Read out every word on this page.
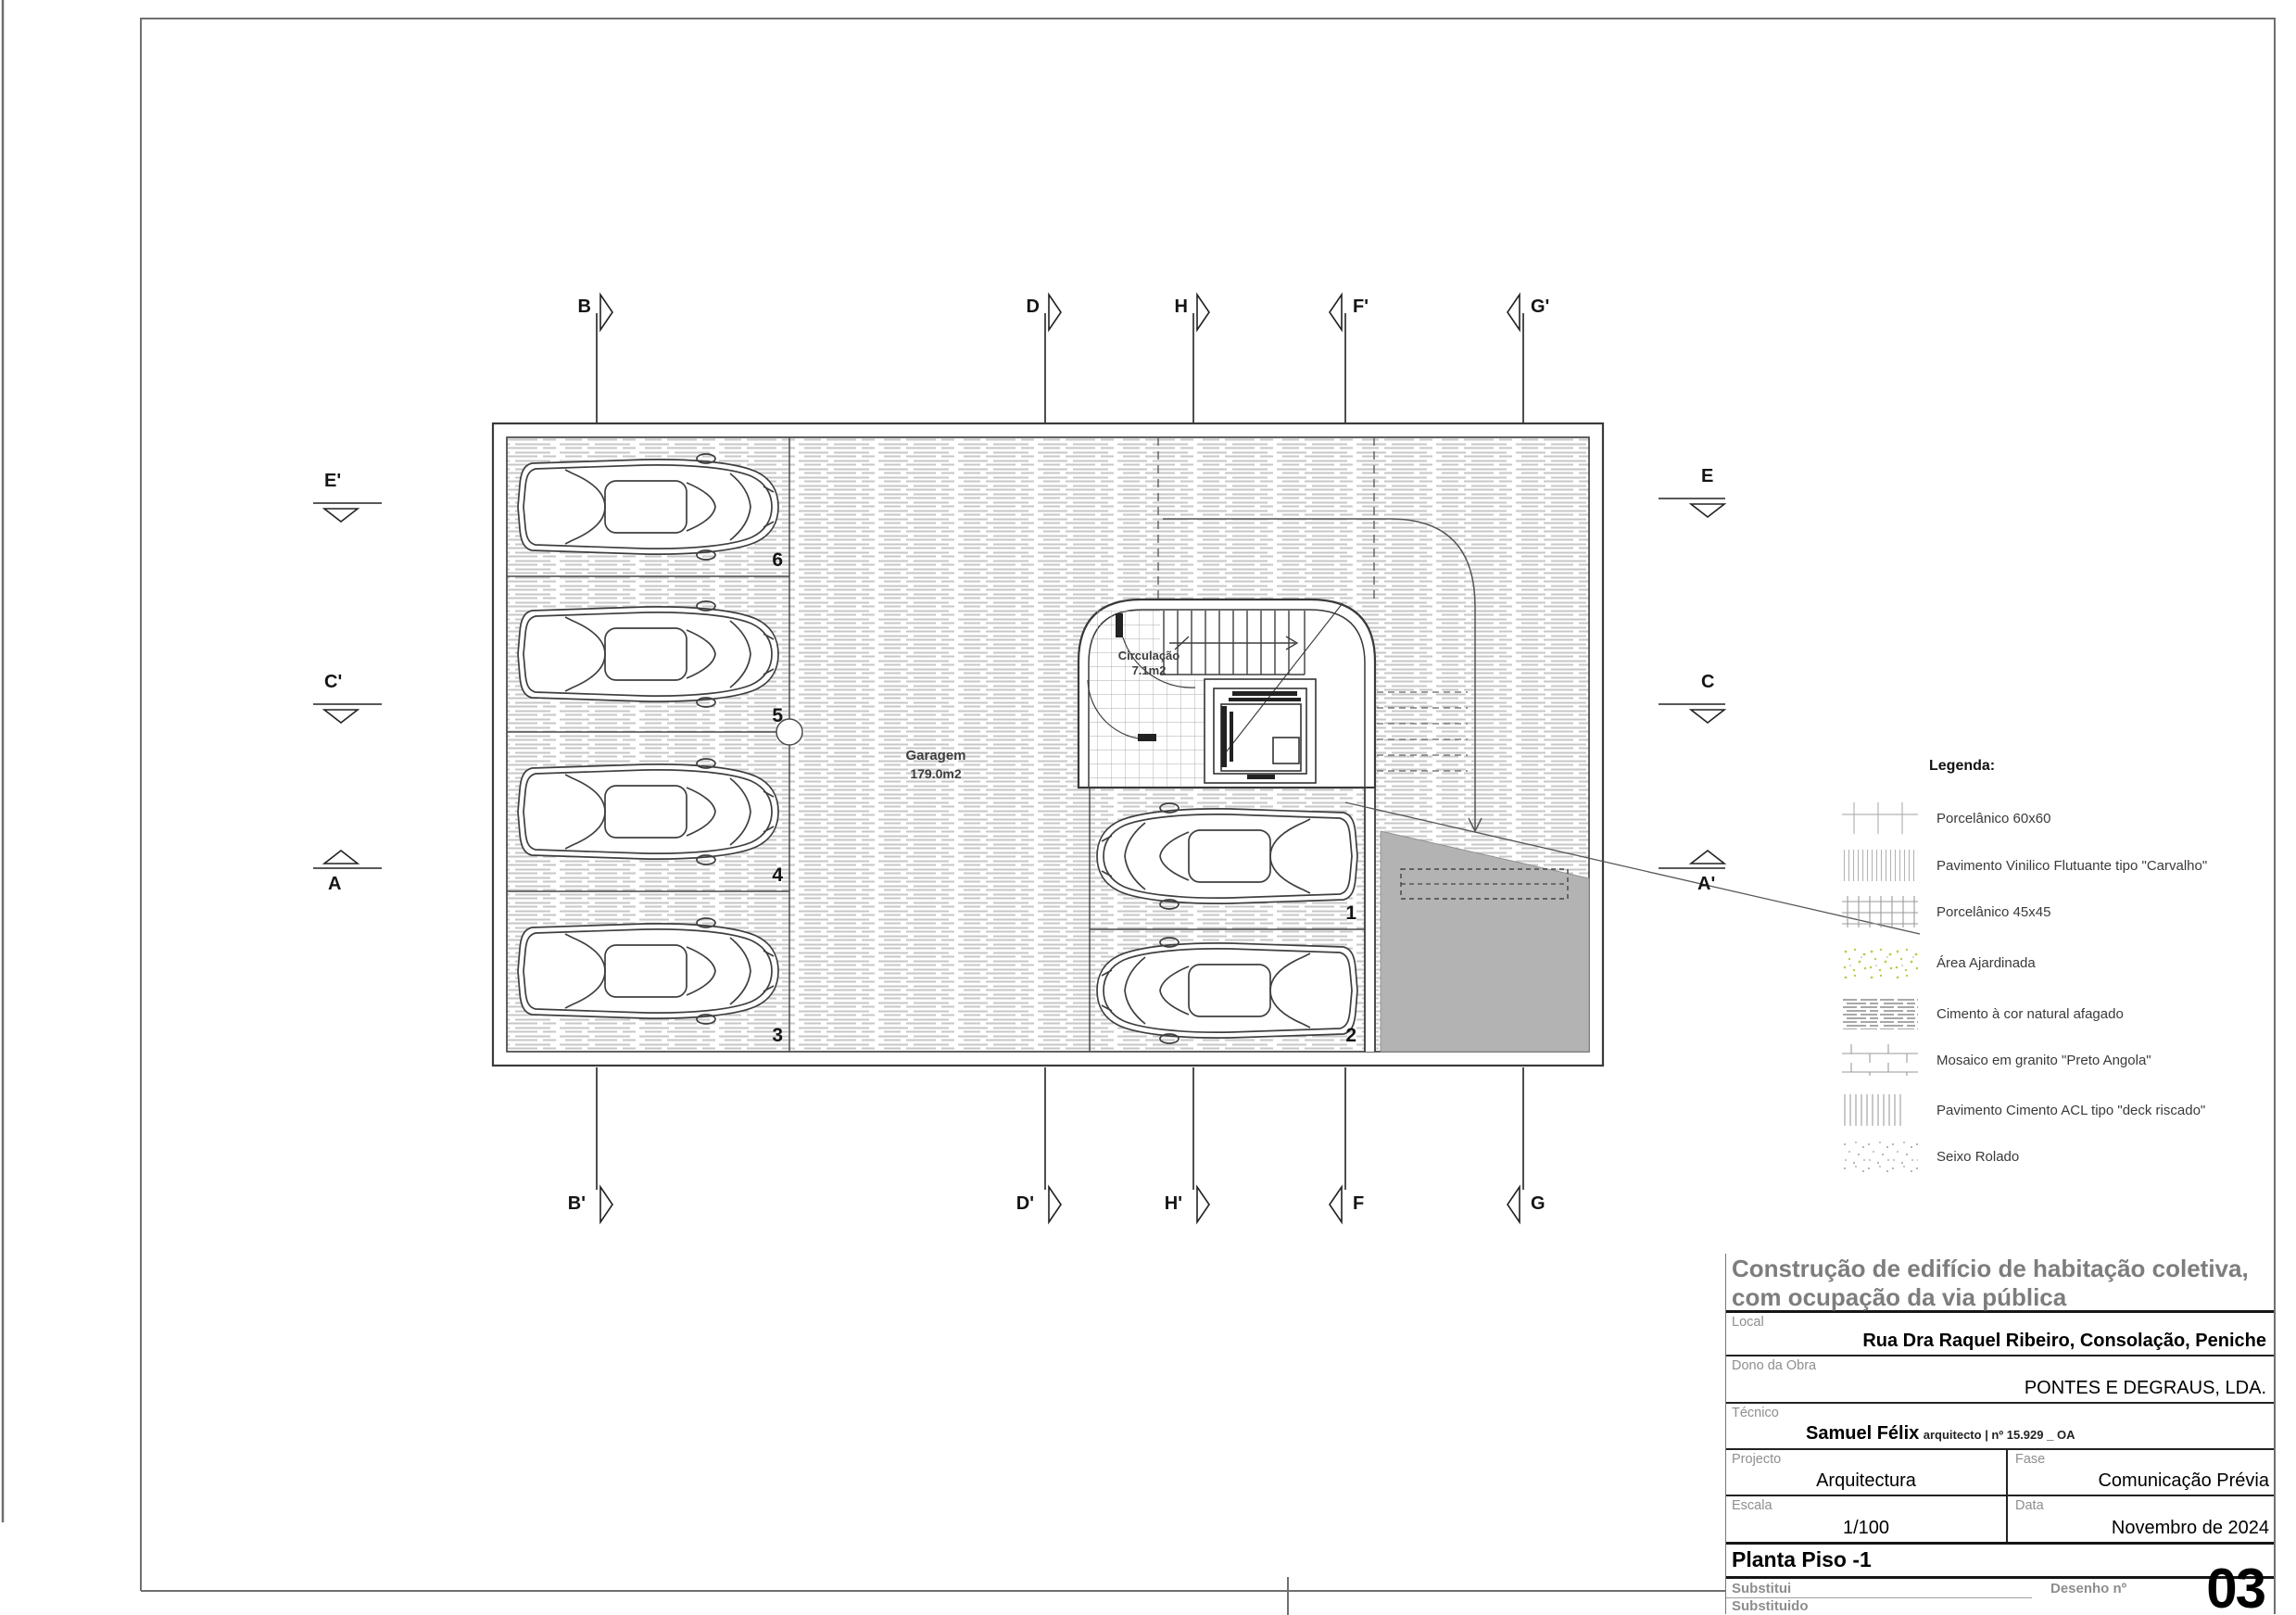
B	D	H	F'	G'
B'	D'	H'	F	G
E'
C'
A
E
C
A'
6
5
4
3
1
2
Garagem
179.0m2
Circulação
7.1m2
Legenda:
Porcelânico 60x60
Pavimento Vinilico Flutuante tipo "Carvalho"
Porcelânico 45x45
Área Ajardinada
Cimento à cor natural afagado
Mosaico em granito "Preto Angola"
Pavimento Cimento ACL tipo "deck riscado"
Seixo Rolado
Construção de edifício de habitação coletiva,
com ocupação da via pública
Local
Rua Dra Raquel Ribeiro, Consolação, Peniche
Dono da Obra
PONTES E DEGRAUS, LDA.
Técnico
Samuel Félix arquitecto | nº 15.929 _ OA
Projecto
Arquitectura
Fase
Comunicação Prévia
Escala
1/100
Data
Novembro de 2024
Planta Piso -1
Substitui
Substituido
Desenho nº 03
